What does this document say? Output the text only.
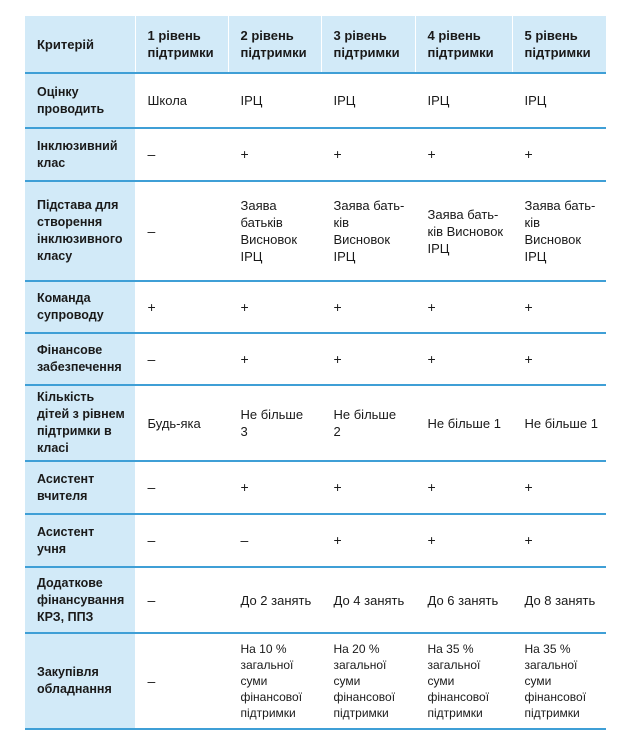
Критерій	1 рівень підтримки	2 рівень підтримки	3 рівень підтримки	4 рівень підтримки	5 рівень підтримки
Оцінку проводить	Школа	ІРЦ	ІРЦ	ІРЦ	ІРЦ
Інклюзивний клас	–	+	+	+	+
Підстава для створення інклюзивного класу	–	Заява батьків Висновок ІРЦ	Заява бать-ків Висновок ІРЦ	Заява бать-ків Висновок ІРЦ	Заява бать-ків Висновок ІРЦ
Команда супроводу	+	+	+	+	+
Фінансове забезпечення	–	+	+	+	+
Кількість дітей з рівнем підтримки в класі	Будь-яка	Не більше 3	Не більше 2	Не більше 1	Не більше 1
Асистент вчителя	–	+	+	+	+
Асистент учня	–	–	+	+	+
Додаткове фінансування КРЗ, ППЗ	–	До 2 занять	До 4 занять	До 6 занять	До 8 занять
Закупівля обладнання	–	На 10 % загальної суми фінансової підтримки	На 20 % загальної суми фінансової підтримки	На 35 % загальної суми фінансової підтримки	На 35 % загальної суми фінансової підтримки
